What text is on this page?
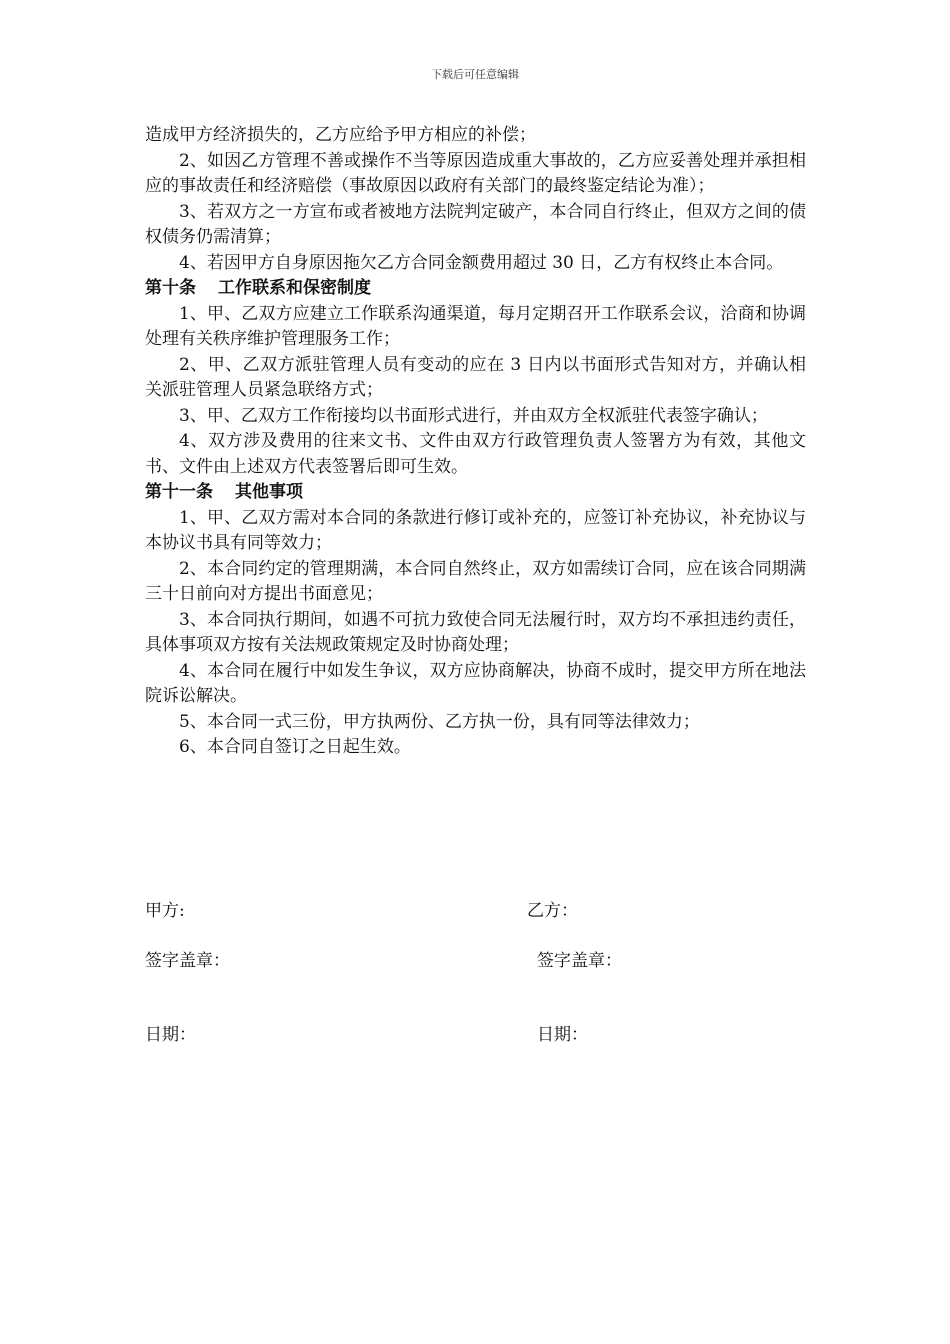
下载后可任意编辑

造成甲方经济损失的，乙方应给予甲方相应的补偿；

2、如因乙方管理不善或操作不当等原因造成重大事故的，乙方应妥善处理并承担相应的事故责任和经济赔偿（事故原因以政府有关部门的最终鉴定结论为准）；

3、若双方之一方宣布或者被地方法院判定破产，本合同自行终止，但双方之间的债权债务仍需清算；

4、若因甲方自身原因拖欠乙方合同金额费用超过 30 日，乙方有权终止本合同。

第十条 工作联系和保密制度

1、甲、乙双方应建立工作联系沟通渠道，每月定期召开工作联系会议，洽商和协调处理有关秩序维护管理服务工作；

2、甲、乙双方派驻管理人员有变动的应在 3 日内以书面形式告知对方，并确认相关派驻管理人员紧急联络方式；

3、甲、乙双方工作衔接均以书面形式进行，并由双方全权派驻代表签字确认；

4、双方涉及费用的往来文书、文件由双方行政管理负责人签署方为有效，其他文书、文件由上述双方代表签署后即可生效。

第十一条 其他事项

1、甲、乙双方需对本合同的条款进行修订或补充的，应签订补充协议，补充协议与本协议书具有同等效力；

2、本合同约定的管理期满，本合同自然终止，双方如需续订合同，应在该合同期满三十日前向对方提出书面意见；

3、本合同执行期间，如遇不可抗力致使合同无法履行时，双方均不承担违约责任，具体事项双方按有关法规政策规定及时协商处理；

4、本合同在履行中如发生争议，双方应协商解决，协商不成时，提交甲方所在地法院诉讼解决。

5、本合同一式三份，甲方执两份、乙方执一份，具有同等法律效力；

6、本合同自签订之日起生效。

甲方:	乙方：
签字盖章：	签字盖章：
日期：	日期：
